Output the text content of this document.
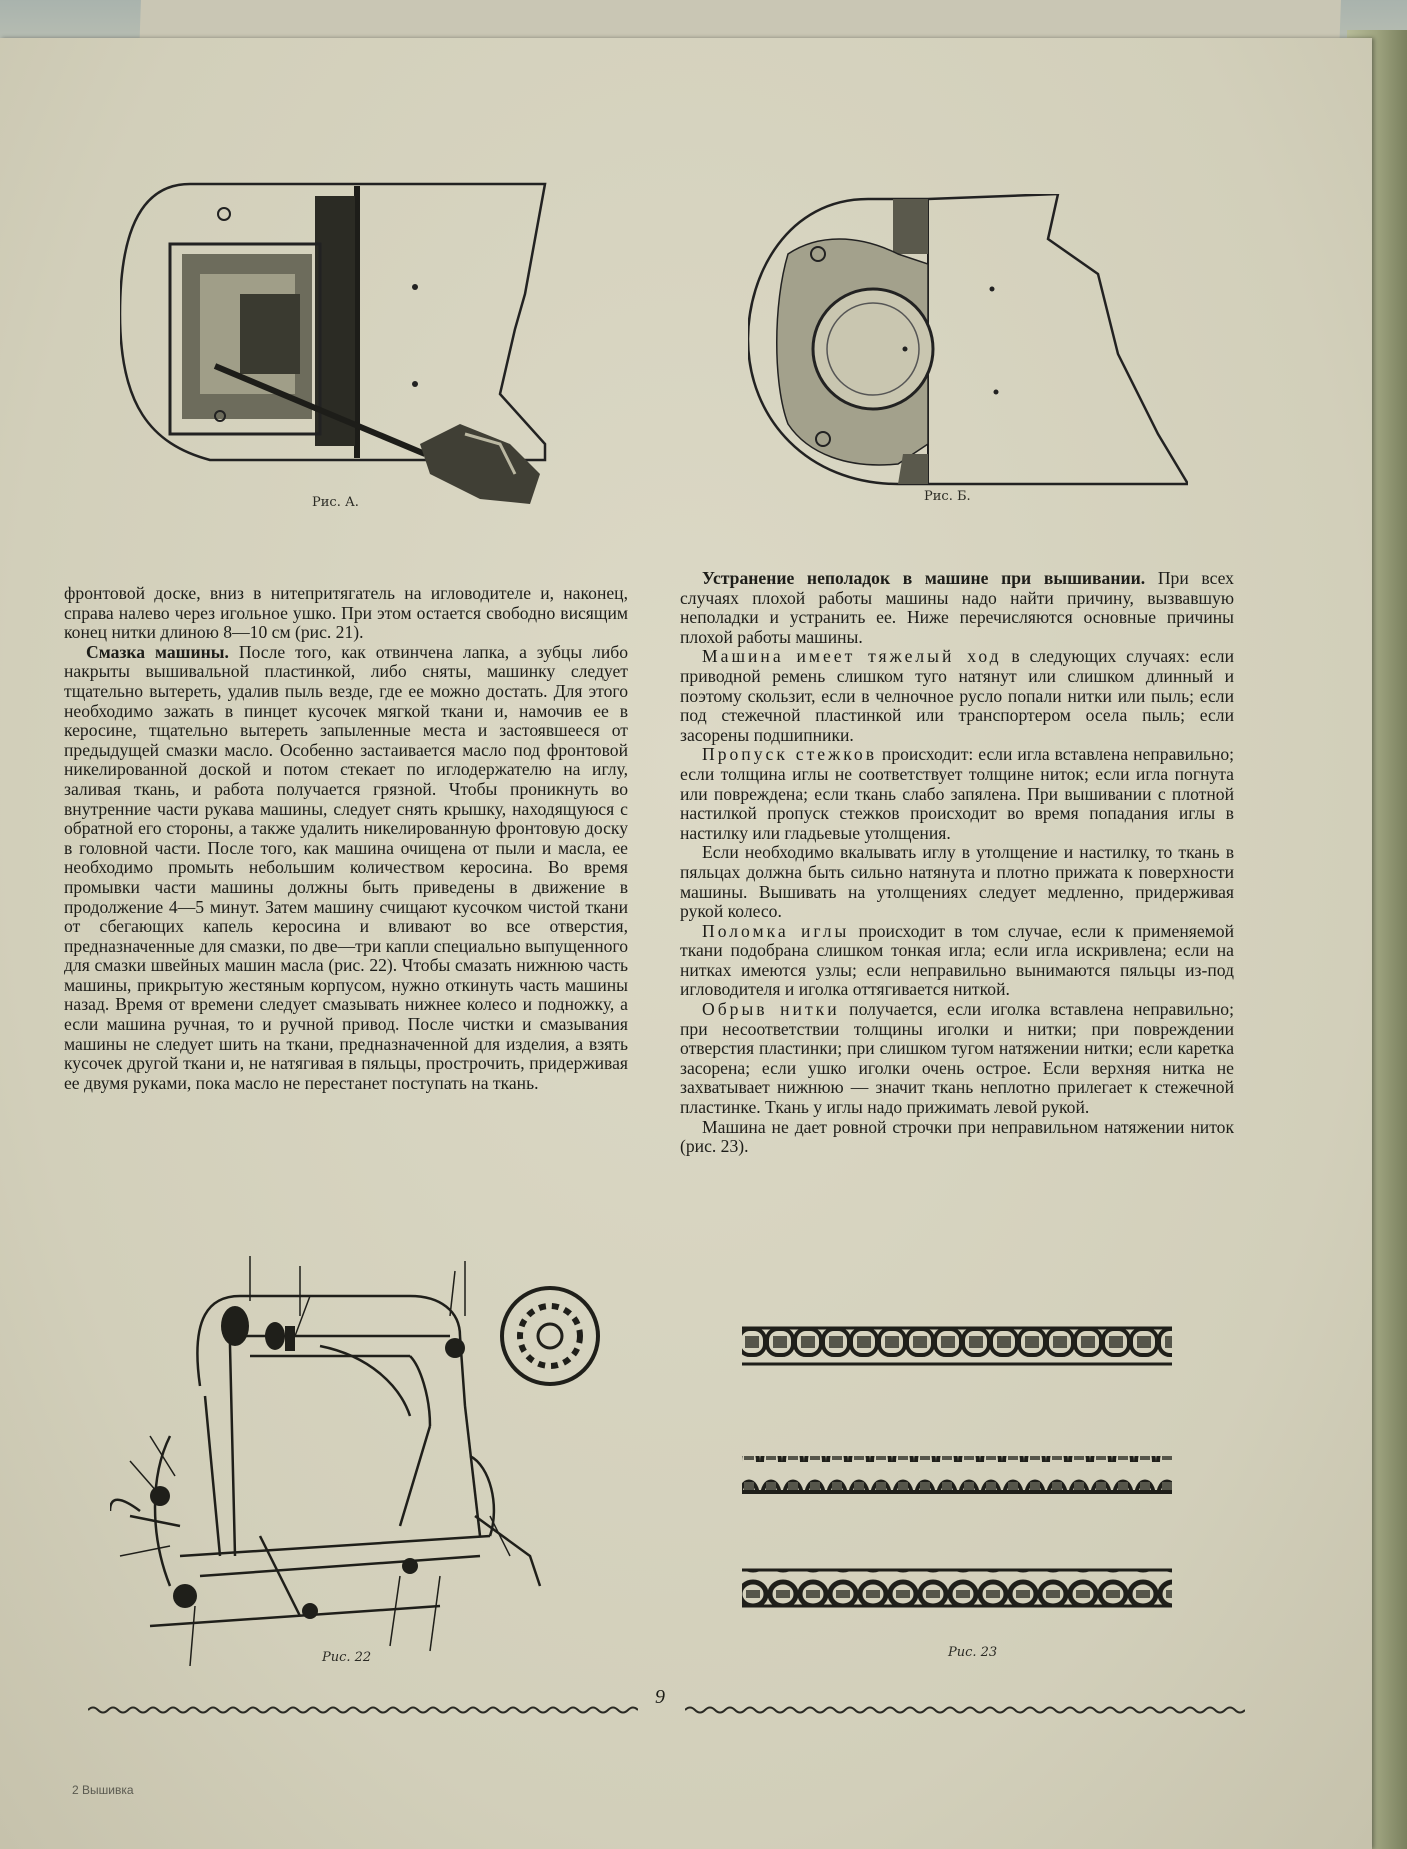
Рис. А.	Рис. Б.

фронтовой доске, вниз в нитепритягатель на игловодителе и, наконец, справа налево через игольное ушко. При этом остается свободно висящим конец нитки длиною 8—10 см (рис. 21).

Смазка машины. После того, как отвинчена лапка, а зубцы либо накрыты вышивальной пластинкой, либо сняты, машинку следует тщательно вытереть, удалив пыль везде, где ее можно достать. Для этого необходимо зажать в пинцет кусочек мягкой ткани и, намочив ее в керосине, тщательно вытереть запыленные места и застоявшееся от предыдущей смазки масло. Особенно застаивается масло под фронтовой никелированной доской и потом стекает по иглодержателю на иглу, заливая ткань, и работа получается грязной. Чтобы проникнуть во внутренние части рукава машины, следует снять крышку, находящуюся с обратной его стороны, а также удалить никелированную фронтовую доску в головной части. После того, как машина очищена от пыли и масла, ее необходимо промыть небольшим количеством керосина. Во время промывки части машины должны быть приведены в движение в продолжение 4—5 минут. Затем машину счищают кусочком чистой ткани от сбегающих капель керосина и вливают во все отверстия, предназначенные для смазки, по две—три капли специально выпущенного для смазки швейных машин масла (рис. 22). Чтобы смазать нижнюю часть машины, прикрытую жестяным корпусом, нужно откинуть часть машины назад. Время от времени следует смазывать нижнее колесо и подножку, а если машина ручная, то и ручной привод. После чистки и смазывания машины не следует шить на ткани, предназначенной для изделия, а взять кусочек другой ткани и, не натягивая в пяльцы, прострочить, придерживая ее двумя руками, пока масло не перестанет поступать на ткань.

Устранение неполадок в машине при вышивании. При всех случаях плохой работы машины надо найти причину, вызвавшую неполадки и устранить ее. Ниже перечисляются основные причины плохой работы машины.

Машина имеет тяжелый ход в следующих случаях: если приводной ремень слишком туго натянут или слишком длинный и поэтому скользит, если в челночное русло попали нитки или пыль; если под стежечной пластинкой или транспортером осела пыль; если засорены подшипники.

Пропуск стежков происходит: если игла вставлена неправильно; если толщина иглы не соответствует толщине ниток; если игла погнута или повреждена; если ткань слабо запялена. При вышивании с плотной настилкой пропуск стежков происходит во время попадания иглы в настилку или гладьевые утолщения.

Если необходимо вкалывать иглу в утолщение и настилку, то ткань в пяльцах должна быть сильно натянута и плотно прижата к поверхности машины. Вышивать на утолщениях следует медленно, придерживая рукой колесо.

Поломка иглы происходит в том случае, если к применяемой ткани подобрана слишком тонкая игла; если игла искривлена; если на нитках имеются узлы; если неправильно вынимаются пяльцы из-под игловодителя и иголка оттягивается ниткой.

Обрыв нитки получается, если иголка вставлена неправильно; при несоответствии толщины иголки и нитки; при повреждении отверстия пластинки; при слишком тугом натяжении нитки; если каретка засорена; если ушко иголки очень острое. Если верхняя нитка не захватывает нижнюю — значит ткань неплотно прилегает к стежечной пластинке. Ткань у иглы надо прижимать левой рукой.

Машина не дает ровной строчки при неправильном натяжении ниток (рис. 23).

Рис. 22	Рис. 23
9
2 Вышивка
